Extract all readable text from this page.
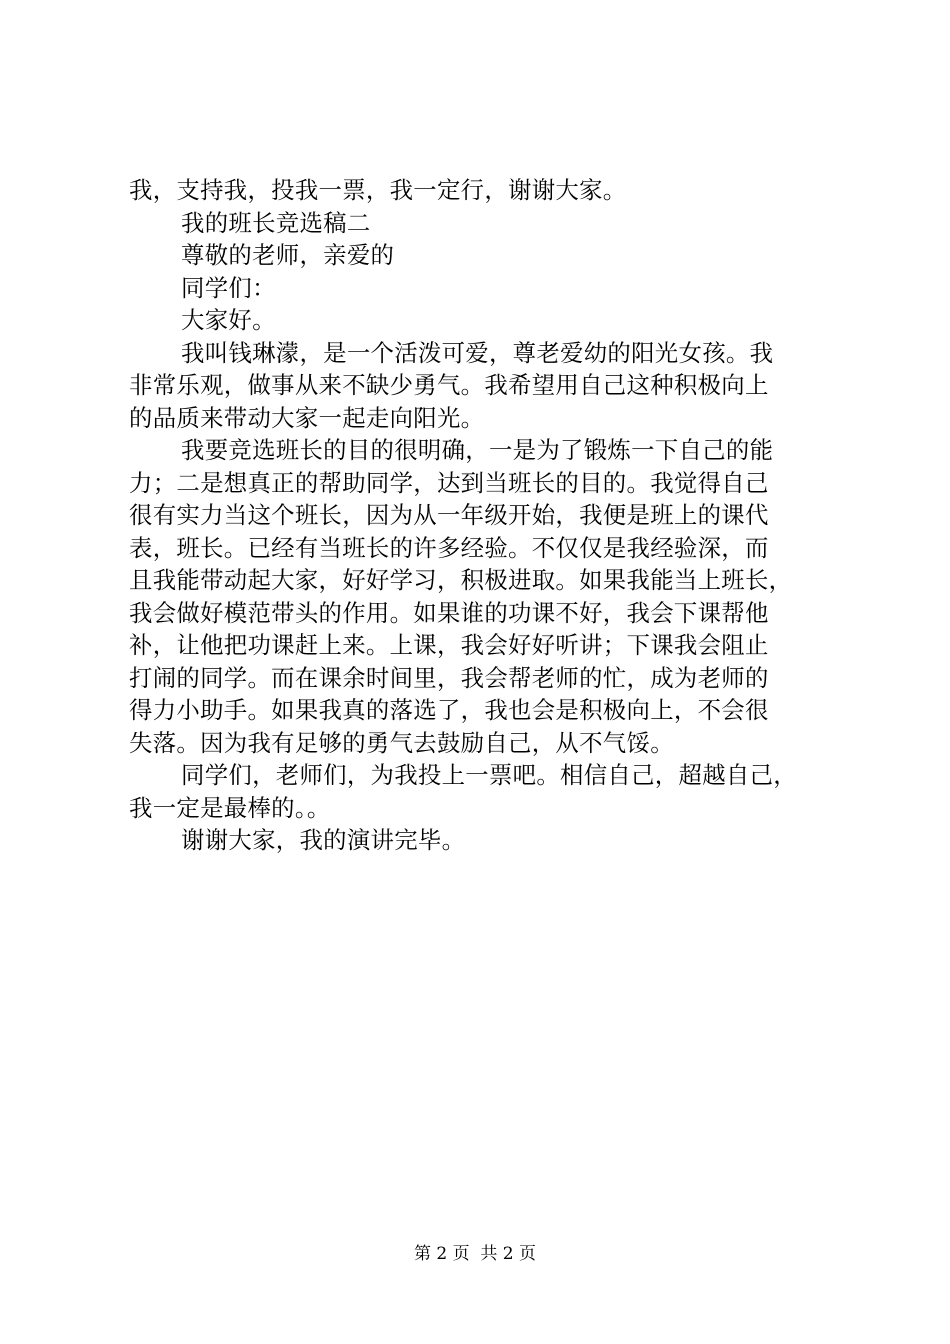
我，支持我，投我一票，我一定行，谢谢大家。
我的班长竞选稿二
尊敬的老师，亲爱的
同学们：
大家好。
我叫钱琳濛，是一个活泼可爱，尊老爱幼的阳光女孩。我
非常乐观，做事从来不缺少勇气。我希望用自己这种积极向上
的品质来带动大家一起走向阳光。
我要竞选班长的目的很明确，一是为了锻炼一下自己的能
力；二是想真正的帮助同学，达到当班长的目的。我觉得自己
很有实力当这个班长，因为从一年级开始，我便是班上的课代
表，班长。已经有当班长的许多经验。不仅仅是我经验深，而
且我能带动起大家，好好学习，积极进取。如果我能当上班长，
我会做好模范带头的作用。如果谁的功课不好，我会下课帮他
补，让他把功课赶上来。上课，我会好好听讲；下课我会阻止
打闹的同学。而在课余时间里，我会帮老师的忙，成为老师的
得力小助手。如果我真的落选了，我也会是积极向上，不会很
失落。因为我有足够的勇气去鼓励自己，从不气馁。
同学们，老师们，为我投上一票吧。相信自己，超越自己，
我一定是最棒的。。
谢谢大家，我的演讲完毕。
第 2 页  共 2 页
